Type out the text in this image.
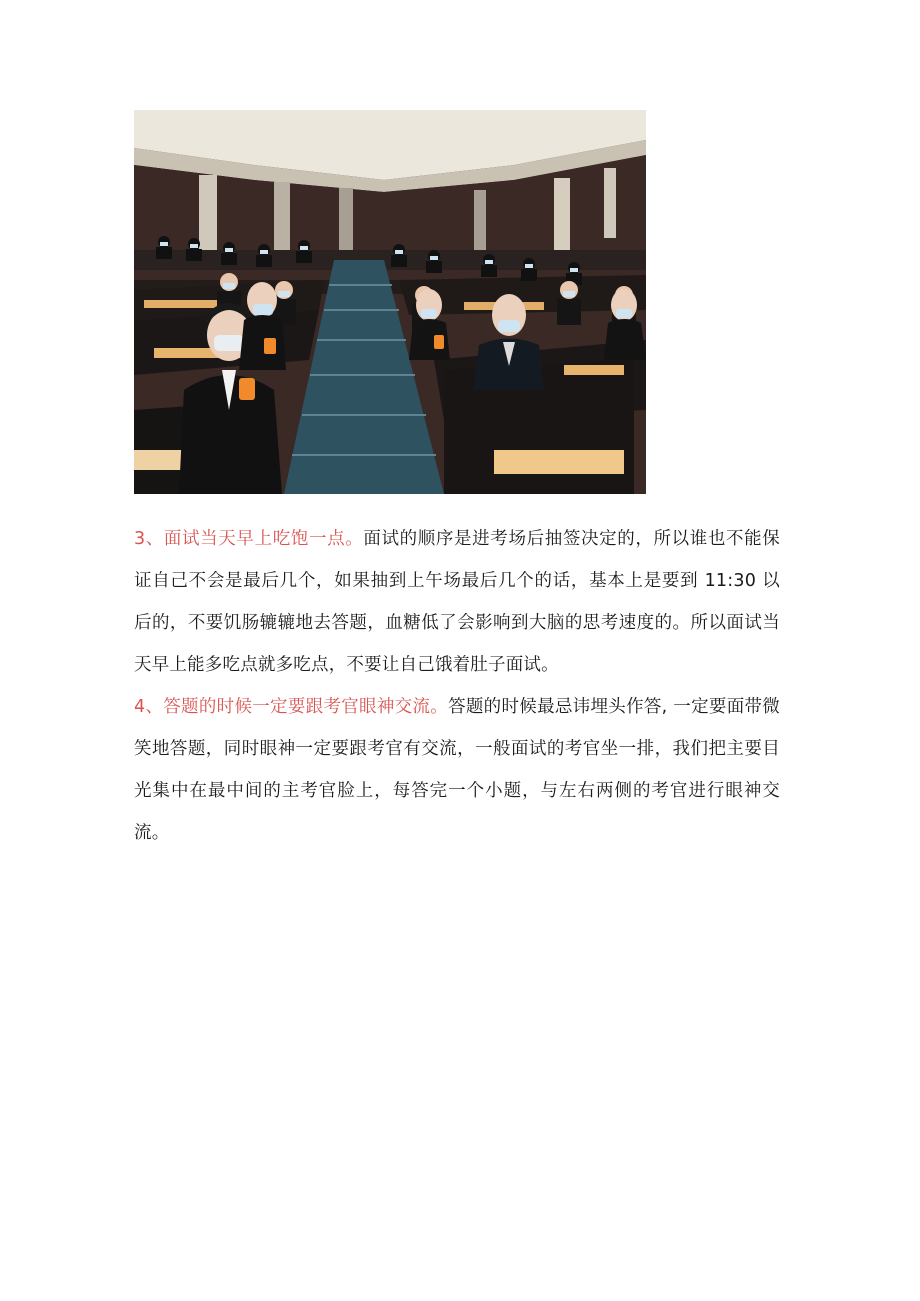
3、面试当天早上吃饱一点。面试的顺序是进考场后抽签决定的，所以谁也不能保证自己不会是最后几个，如果抽到上午场最后几个的话，基本上是要到 11:30 以后的，不要饥肠辘辘地去答题，血糖低了会影响到大脑的思考速度的。所以面试当天早上能多吃点就多吃点，不要让自己饿着肚子面试。

4、答题的时候一定要跟考官眼神交流。答题的时候最忌讳埋头作答, 一定要面带微笑地答题，同时眼神一定要跟考官有交流，一般面试的考官坐一排，我们把主要目光集中在最中间的主考官脸上，每答完一个小题，与左右两侧的考官进行眼神交流。
